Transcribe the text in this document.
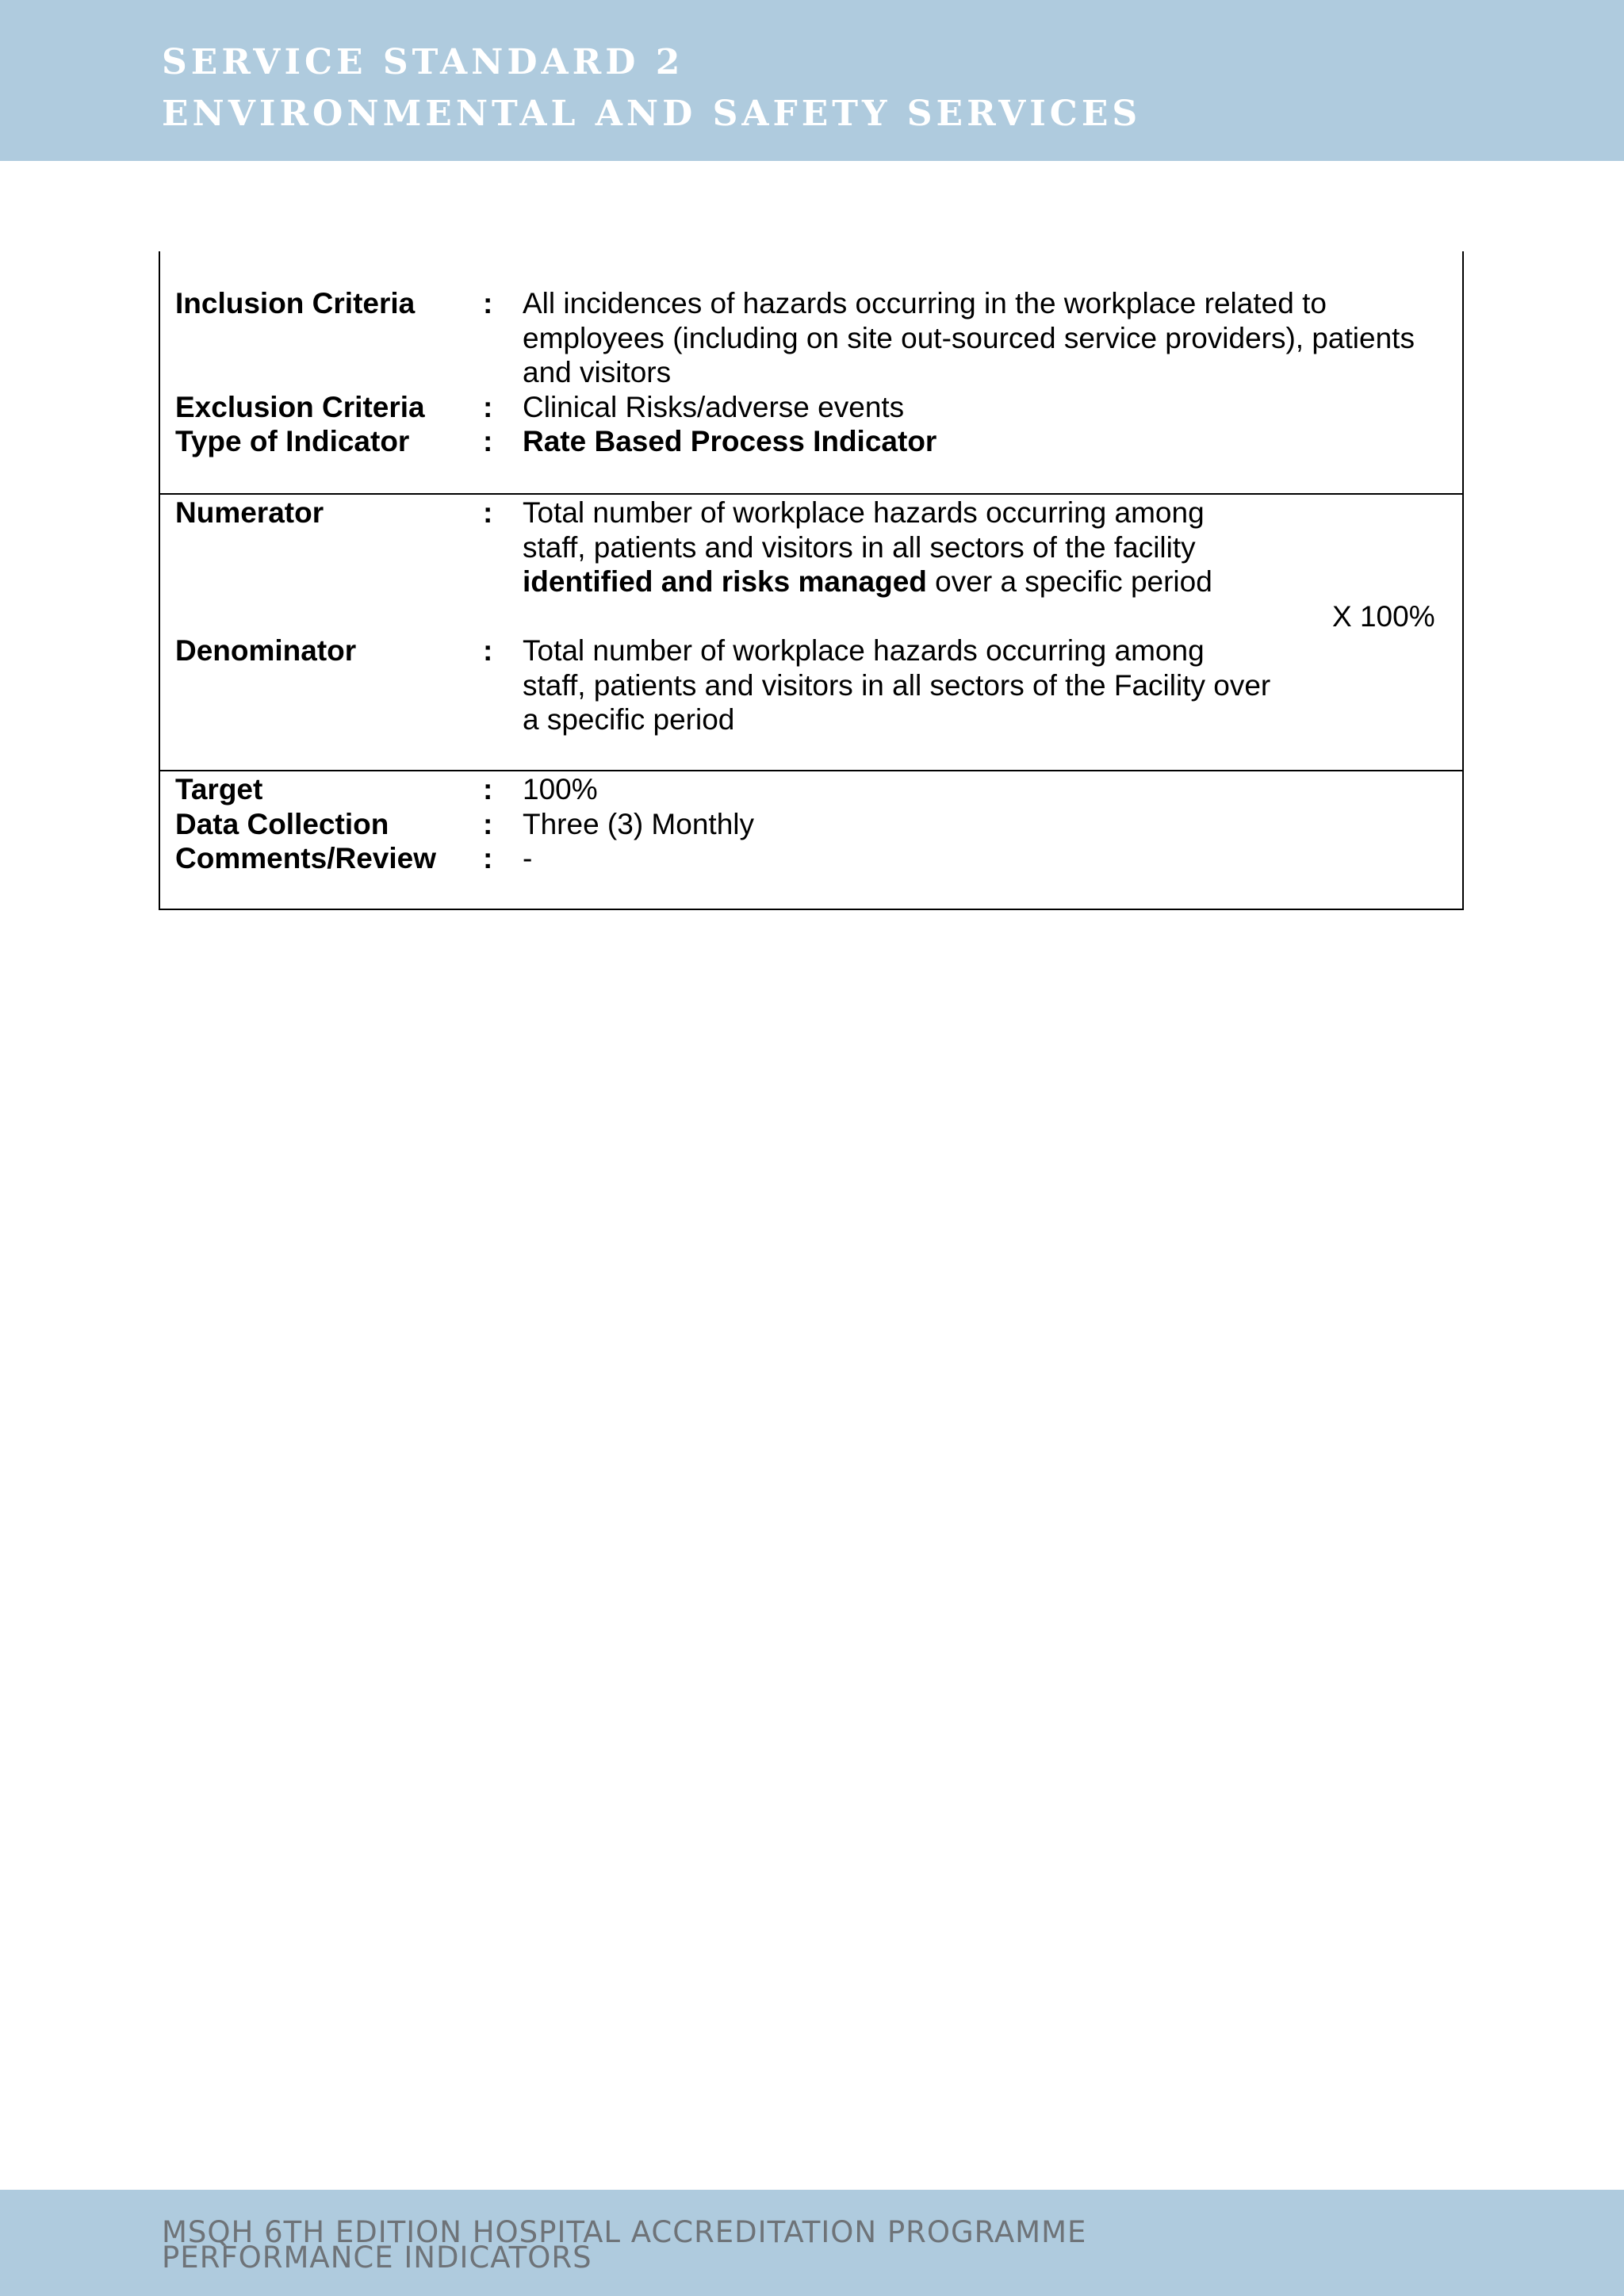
SERVICE STANDARD 2
ENVIRONMENTAL AND SAFETY SERVICES
Inclusion Criteria : All incidences of hazards occurring in the workplace related to
employees (including on site out-sourced service providers), patients
and visitors
Exclusion Criteria : Clinical Risks/adverse events
Type of Indicator	: Rate Based Process Indicator
Numerator	: Total number of workplace hazards occurring among
staff, patients and visitors in all sectors of the facility
identified and risks managed over a specific period
X 100%
Denominator	: Total number of workplace hazards occurring among
staff, patients and visitors in all sectors of the Facility over
a specific period
Target	: 100%
Data Collection	: Three (3) Monthly
Comments/Review : -
MSQH 6TH EDITION HOSPITAL ACCREDITATION PROGRAMME
PERFORMANCE INDICATORS
